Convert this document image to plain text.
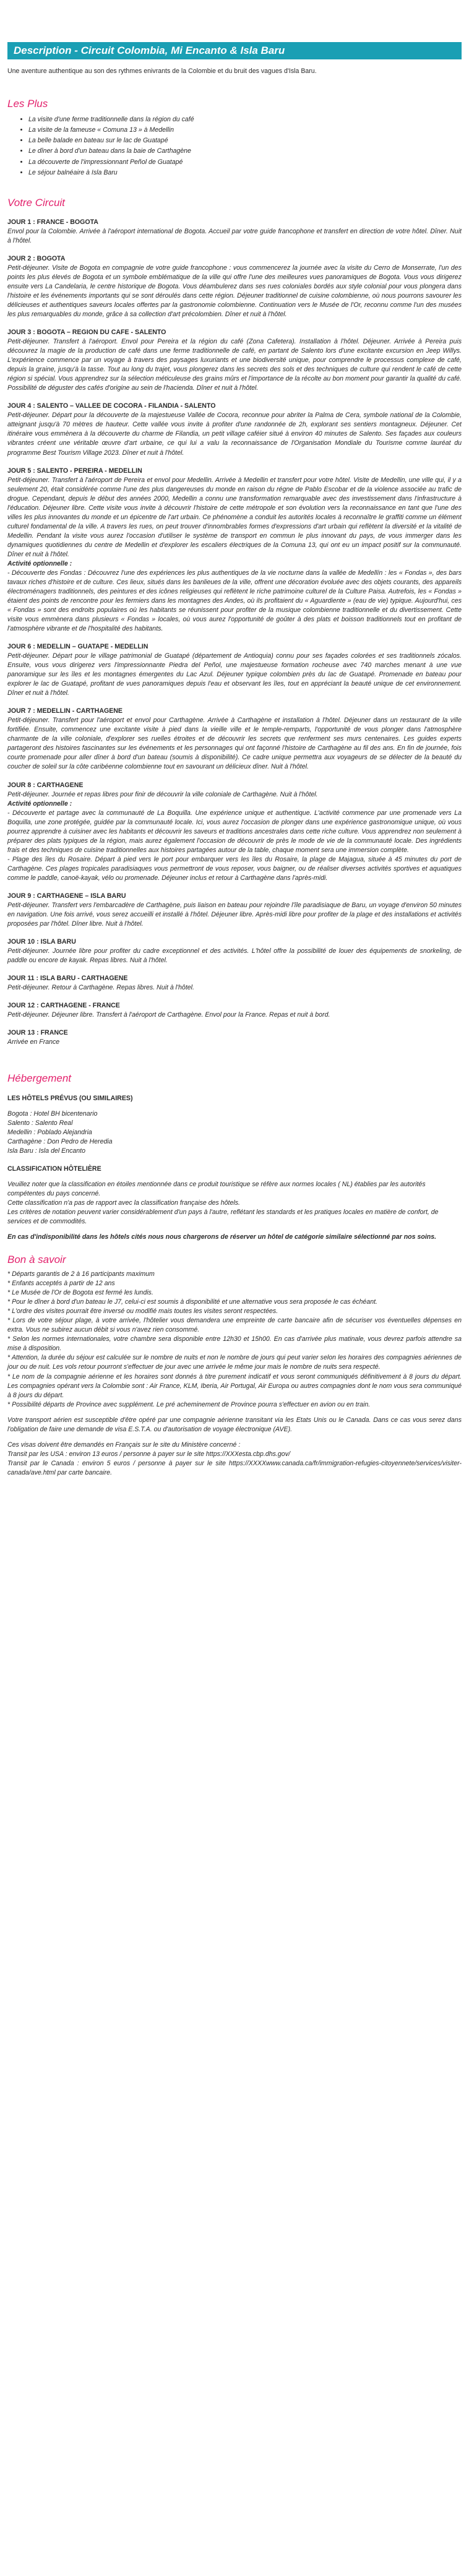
Description - Circuit Colombia, Mi Encanto & Isla Baru

Une aventure authentique au son des rythmes enivrants de la Colombie et du bruit des vagues d'Isla Baru.

Les Plus
• La visite d'une ferme traditionnelle dans la région du café
• La visite de la fameuse « Comuna 13 » à Medellin
• La belle balade en bateau sur le lac de Guatapé
• Le dîner à bord d'un bateau dans la baie de Carthagène
• La découverte de l'impressionnant Peñol de Guatapé
• Le séjour balnéaire à Isla Baru
Votre Circuit
JOUR 1 : FRANCE - BOGOTA

Envol pour la Colombie. Arrivée à l'aéroport international de Bogota. Accueil par votre guide francophone et transfert en direction de votre hôtel. Dîner. Nuit à l'hôtel.

JOUR 2 : BOGOTA

Petit-déjeuner. Visite de Bogota en compagnie de votre guide francophone : vous commencerez la journée avec la visite du Cerro de Monserrate, l'un des points les plus élevés de Bogota et un symbole emblématique de la ville qui offre l'une des meilleures vues panoramiques de Bogota. Vous vous dirigerez ensuite vers La Candelaria, le centre historique de Bogota. Vous déambulerez dans ses rues coloniales bordés aux style colonial pour vous plongera dans l'histoire et les événements importants qui se sont déroulés dans cette région. Déjeuner traditionnel de cuisine colombienne, où nous pourrons savourer les délicieuses et authentiques saveurs locales offertes par la gastronomie colombienne. Continuation vers le Musée de l'Or, reconnu comme l'un des musées les plus remarquables du monde, grâce à sa collection d'art précolombien. Dîner et nuit à l'hôtel.

JOUR 3 : BOGOTA – REGION DU CAFE - SALENTO

Petit-déjeuner. Transfert à l'aéroport. Envol pour Pereira et la région du café (Zona Cafetera). Installation à l'hôtel. Déjeuner. Arrivée à Pereira puis découvrez la magie de la production de café dans une ferme traditionnelle de café, en partant de Salento lors d'une excitante excursion en Jeep Willys. L'expérience commence par un voyage à travers des paysages luxuriants et une biodiversité unique, pour comprendre le processus complexe de café, depuis la graine, jusqu'à la tasse. Tout au long du trajet, vous plongerez dans les secrets des sols et des techniques de culture qui rendent le café de cette région si spécial. Vous apprendrez sur la sélection méticuleuse des grains mûrs et l'importance de la récolte au bon moment pour garantir la qualité du café. Possibilité de déguster des cafés d'origine au sein de l'hacienda. Dîner et nuit à l'hôtel.

JOUR 4 : SALENTO – VALLEE DE COCORA - FILANDIA - SALENTO

Petit-déjeuner. Départ pour la découverte de la majestueuse Vallée de Cocora, reconnue pour abriter la Palma de Cera, symbole national de la Colombie, atteignant jusqu'à 70 mètres de hauteur. Cette vallée vous invite à profiter d'une randonnée de 2h, explorant ses sentiers montagneux. Déjeuner. Cet itinéraire vous emmènera à la découverte du charme de Filandia, un petit village caféier situé à environ 40 minutes de Salento. Ses façades aux couleurs vibrantes créent une véritable œuvre d'art urbaine, ce qui lui a valu la reconnaissance de l'Organisation Mondiale du Tourisme comme lauréat du programme Best Tourism Village 2023. Dîner et nuit à l'hôtel.

JOUR 5 : SALENTO - PEREIRA - MEDELLIN

Petit-déjeuner. Transfert à l'aéroport de Pereira et envol pour Medellin. Arrivée à Medellin et transfert pour votre hôtel. Visite de Medellin, une ville qui, il y a seulement 20, était considérée comme l'une des plus dangereuses du monde en raison du régne de Pablo Escobar et de la violence associée au trafic de drogue. Cependant, depuis le début des années 2000, Medellin a connu une transformation remarquable avec des investissement dans l'infrastructure à l'éducation. Déjeuner libre. Cette visite vous invite à découvrir l'histoire de cette métropole et son évolution vers la reconnaissance en tant que l'une des villes les plus innovantes du monde et un épicentre de l'art urbain. Ce phénomène a conduit les autorités locales à reconnaître le graffiti comme un élément culturel fondamental de la ville. A travers les rues, on peut trouver d'innombrables formes d'expressions d'art urbain qui reflètent la diversité et la vitalité de Medellin. Pendant la visite vous aurez l'occasion d'utiliser le système de transport en commun le plus innovant du pays, de vous immerger dans les dynamiques quotidiennes du centre de Medellin et d'explorer les escaliers électriques de la Comuna 13, qui ont eu un impact positif sur la communauté. Dîner et nuit à l'hôtel.

Activité optionnelle :

- Découverte des Fondas : Découvrez l'une des expériences les plus authentiques de la vie nocturne dans la vallée de Medellín : les « Fondas », des bars tavaux riches d'histoire et de culture. Ces lieux, situés dans les banlieues de la ville, offrent une décoration évoluée avec des objets courants, des appareils électroménagers traditionnels, des peintures et des icônes religieuses qui reflètent le riche patrimoine culturel de la Culture Paisa. Autrefois, les « Fondas » étaient des points de rencontre pour les fermiers dans les montagnes des Andes, où ils profitaient du « Aguardiente » (eau de vie) typique. Aujourd'hui, ces « Fondas » sont des endroits populaires où les habitants se réunissent pour profiter de la musique colombienne traditionnelle et du divertissement. Cette visite vous emmènera dans plusieurs « Fondas » locales, où vous aurez l'opportunité de goûter à des plats et boisson traditionnels tout en profitant de l'atmosphère vibrante et de l'hospitalité des habitants.

JOUR 6 : MEDELLIN – GUATAPE - MEDELLIN

Petit-déjeuner. Départ pour le village patrimonial de Guatapé (département de Antioquia) connu pour ses façades colorées et ses traditionnels zócalos. Ensuite, vous vous dirigerez vers l'impressionnante Piedra del Peñol, une majestueuse formation rocheuse avec 740 marches menant à une vue panoramique sur les îles et les montagnes émergentes du Lac Azul. Déjeuner typique colombien près du lac de Guatapé. Promenade en bateau pour explorer le lac de Guatapé, profitant de vues panoramiques depuis l'eau et observant les îles, tout en appréciant la beauté unique de cet environnement. Dîner et nuit à l'hôtel.

JOUR 7 : MEDELLIN - CARTHAGENE

Petit-déjeuner. Transfert pour l'aéroport et envol pour Carthagène. Arrivée à Carthagène et installation à l'hôtel. Déjeuner dans un restaurant de la ville fortifiée. Ensuite, commencez une excitante visite à pied dans la vieille ville et le temple-remparts, l'opportunité de vous plonger dans l'atmosphère charmante de la ville coloniale, d'explorer ses ruelles étroites et de découvrir les secrets que renferment ses murs centenaires. Les guides experts partageront des histoires fascinantes sur les événements et les personnages qui ont façonné l'histoire de Carthagène au fil des ans. En fin de journée, fois courte promenade pour aller dîner à bord d'un bateau (soumis à disponibilité). Ce cadre unique permettra aux voyageurs de se délecter de la beauté du coucher de soleil sur la côte caribéenne colombienne tout en savourant un délicieux dîner. Nuit à l'hôtel.

JOUR 8 : CARTHAGENE

Petit-déjeuner. Journée et repas libres pour finir de découvrir la ville coloniale de Carthagène. Nuit à l'hôtel.

Activité optionnelle :

- Découverte et partage avec la communauté de La Boquilla. Une expérience unique et authentique. L'activité commence par une promenade vers La Boquilla, une zone protégée, guidée par la communauté locale. Ici, vous aurez l'occasion de plonger dans une expérience gastronomique unique, où vous pourrez apprendre à cuisiner avec les habitants et découvrir les saveurs et traditions ancestrales dans cette riche culture. Vous apprendrez non seulement à préparer des plats typiques de la région, mais aurez également l'occasion de découvrir de près le mode de vie de la communauté locale. Des ingrédients frais et des techniques de cuisine traditionnelles aux histoires partagées autour de la table, chaque moment sera une immersion complète.

- Plage des îles du Rosaire. Départ à pied vers le port pour embarquer vers les îles du Rosaire, la plage de Majagua, située à 45 minutes du port de Carthagène. Ces plages tropicales paradisiaques vous permettront de vous reposer, vous baigner, ou de réaliser diverses activités sportives et aquatiques comme le paddle, canoë-kayak, vélo ou promenade. Déjeuner inclus et retour à Carthagène dans l'après-midi.

JOUR 9 : CARTHAGENE – ISLA BARU

Petit-déjeuner. Transfert vers l'embarcadère de Carthagène, puis liaison en bateau pour rejoindre l'île paradisiaque de Baru, un voyage d'environ 50 minutes en navigation. Une fois arrivé, vous serez accueilli et installé à l'hôtel. Déjeuner libre. Après-midi libre pour profiter de la plage et des installations et activités proposées par l'hôtel. Dîner libre. Nuit à l'hôtel.

JOUR 10 : ISLA BARU

Petit-déjeuner. Journée libre pour profiter du cadre exceptionnel et des activités. L'hôtel offre la possibilité de louer des équipements de snorkeling, de paddle ou encore de kayak. Repas libres. Nuit à l'hôtel.

JOUR 11 : ISLA BARU - CARTHAGENE

Petit-déjeuner. Retour à Carthagène. Repas libres. Nuit à l'hôtel.

JOUR 12 : CARTHAGENE - FRANCE

Petit-déjeuner. Déjeuner libre. Transfert à l'aéroport de Carthagène. Envol pour la France. Repas et nuit à bord.

JOUR 13 : FRANCE

Arrivée en France

Hébergement
LES HÔTELS PRÉVUS (OU SIMILAIRES)

Bogota : Hotel BH bicentenario

Salento : Salento Real

Medellin : Poblado Alejandria

Carthagène : Don Pedro de Heredia

Isla Baru : Isla del Encanto

CLASSIFICATION HÔTELIÈRE

Veuillez noter que la classification en étoiles mentionnée dans ce produit touristique se réfère aux normes locales ( NL) établies par les autorités compétentes du pays concerné.

Cette classification n'a pas de rapport avec la classification française des hôtels.

Les critères de notation peuvent varier considérablement d'un pays à l'autre, reflétant les standards et les pratiques locales en matière de confort, de services et de commodités.

En cas d'indisponibilité dans les hôtels cités nous nous chargerons de réserver un hôtel de catégorie similaire sélectionné par nos soins.
Bon à savoir

* Départs garantis de 2 à 16 participants maximum

* Enfants acceptés à partir de 12 ans

* Le Musée de l'Or de Bogota est fermé les lundis.

* Pour le dîner à bord d'un bateau le J7, celui-ci est soumis à disponibilité et une alternative vous sera proposée le cas échéant.

* L'ordre des visites pourrait être inversé ou modifié mais toutes les visites seront respectées.

* Lors de votre séjour plage, à votre arrivée, l'hôtelier vous demandera une empreinte de carte bancaire afin de sécuriser vos éventuelles dépenses en extra. Vous ne subirez aucun débit si vous n'avez rien consommé.

* Selon les normes internationales, votre chambre sera disponible entre 12h30 et 15h00. En cas d'arrivée plus matinale, vous devrez parfois attendre sa mise à disposition.

* Attention, la durée du séjour est calculée sur le nombre de nuits et non le nombre de jours qui peut varier selon les horaires des compagnies aériennes de jour ou de nuit. Les vols retour pourront s'effectuer de jour avec une arrivée le même jour mais le nombre de nuits sera respecté.

* Le nom de la compagnie aérienne et les horaires sont donnés à titre purement indicatif et vous seront communiqués définitivement à 8 jours du départ. Les compagnies opérant vers la Colombie sont : Air France, KLM, Iberia, Air Portugal, Air Europa ou autres compagnies dont le nom vous sera communiqué à 8 jours du départ.

* Possibilité départs de Province avec supplément. Le pré acheminement de Province pourra s'effectuer en avion ou en train.

Votre transport aérien est susceptible d'être opéré par une compagnie aérienne transitant via les Etats Unis ou le Canada. Dans ce cas vous serez dans l'obligation de faire une demande de visa E.S.T.A. ou d'autorisation de voyage électronique (AVE).

Ces visas doivent être demandés en Français sur le site du Ministère concerné :

Transit par les USA : environ 13 euros / personne à payer sur le site https://XXXesta.cbp.dhs.gov/

Transit par le Canada : environ 5 euros / personne à payer sur le site https://XXXXwww.canada.ca/fr/immigration-refugies-citoyennete/services/visiter-canada/ave.html par carte bancaire.
